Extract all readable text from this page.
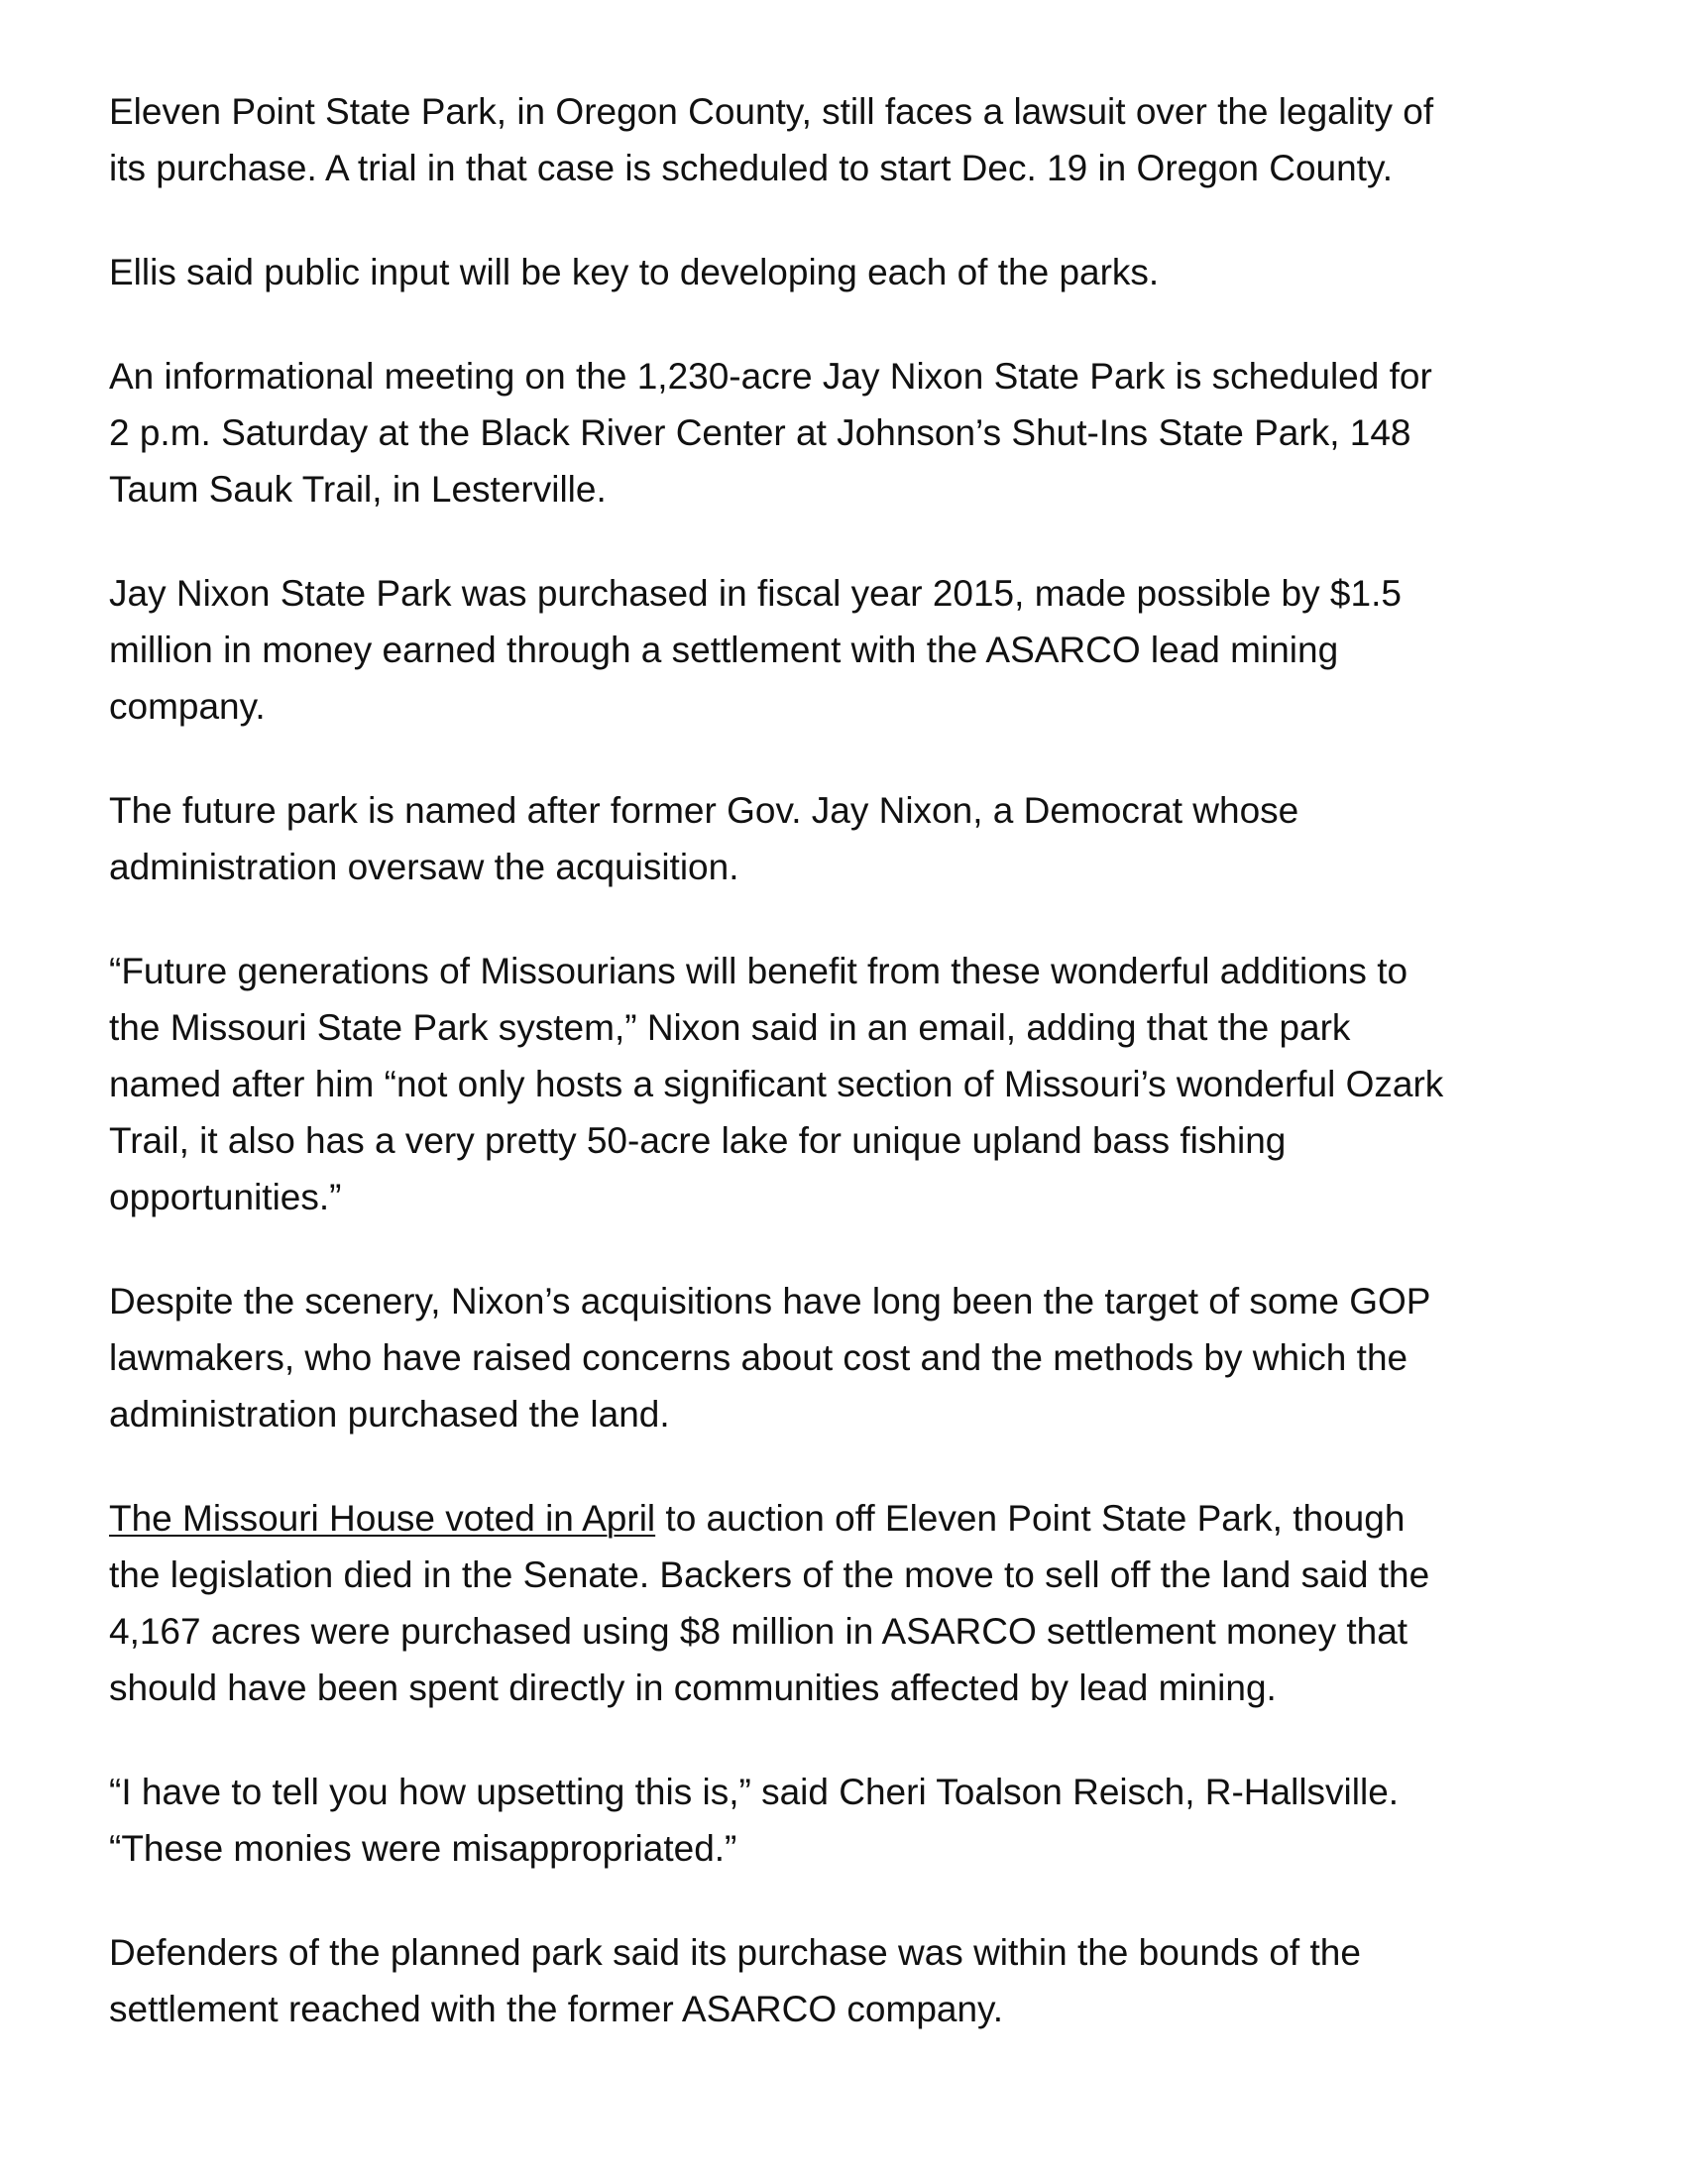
Eleven Point State Park, in Oregon County, still faces a lawsuit over the legality of
its purchase. A trial in that case is scheduled to start Dec. 19 in Oregon County.

Ellis said public input will be key to developing each of the parks.

An informational meeting on the 1,230-acre Jay Nixon State Park is scheduled for
2 p.m. Saturday at the Black River Center at Johnson’s Shut-Ins State Park, 148
Taum Sauk Trail, in Lesterville.

Jay Nixon State Park was purchased in fiscal year 2015, made possible by $1.5
million in money earned through a settlement with the ASARCO lead mining
company.

The future park is named after former Gov. Jay Nixon, a Democrat whose
administration oversaw the acquisition.

“Future generations of Missourians will benefit from these wonderful additions to
the Missouri State Park system,” Nixon said in an email, adding that the park
named after him “not only hosts a significant section of Missouri’s wonderful Ozark
Trail, it also has a very pretty 50-acre lake for unique upland bass fishing
opportunities.”

Despite the scenery, Nixon’s acquisitions have long been the target of some GOP
lawmakers, who have raised concerns about cost and the methods by which the
administration purchased the land.

The Missouri House voted in April to auction off Eleven Point State Park, though
the legislation died in the Senate. Backers of the move to sell off the land said the
4,167 acres were purchased using $8 million in ASARCO settlement money that
should have been spent directly in communities affected by lead mining.

“I have to tell you how upsetting this is,” said Cheri Toalson Reisch, R-Hallsville.
“These monies were misappropriated.”

Defenders of the planned park said its purchase was within the bounds of the
settlement reached with the former ASARCO company.
